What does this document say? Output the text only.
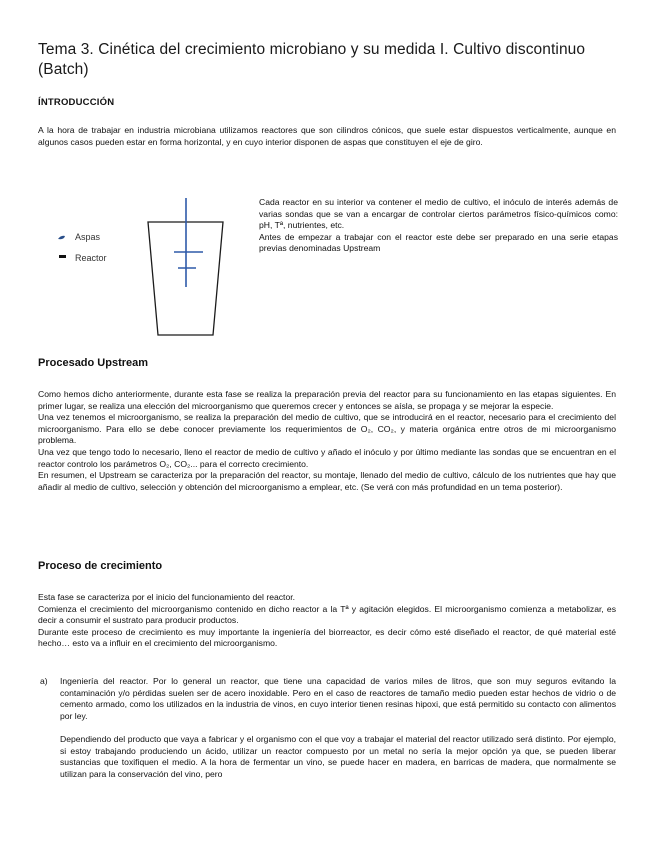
Tema 3. Cinética del crecimiento microbiano y su medida I. Cultivo discontinuo (Batch)
ÍNTRODUCCIÓN

A la hora de trabajar en industria microbiana utilizamos reactores que son cilindros cónicos, que suele estar dispuestos verticalmente, aunque en algunos casos pueden estar en forma horizontal, y en cuyo interior disponen de aspas que constituyen el eje de giro.

Aspas
Reactor

Cada reactor en su interior va contener el medio de cultivo, el inóculo de interés además de varias sondas que se van a encargar de controlar ciertos parámetros físico-químicos como: pH, Tª, nutrientes, etc.

Antes de empezar a trabajar con el reactor este debe ser preparado en una serie etapas previas denominadas Upstream

Procesado Upstream

Como hemos dicho anteriormente, durante esta fase se realiza la preparación previa del reactor para su funcionamiento en las etapas siguientes. En primer lugar, se realiza una elección del microorganismo que queremos crecer y entonces se aísla, se propaga y se mejorar la especie.

Una vez tenemos el microorganismo, se realiza la preparación del medio de cultivo, que se introducirá en el reactor, necesario para el crecimiento del microorganismo. Para ello se debe conocer previamente los requerimientos de O₂, CO₂, y materia orgánica entre otros de mi microorganismo problema.

Una vez que tengo todo lo necesario, lleno el reactor de medio de cultivo y añado el inóculo y por último mediante las sondas que se encuentran en el reactor controlo los parámetros O₂, CO₂... para el correcto crecimiento.

En resumen, el Upstream se caracteriza por la preparación del reactor, su montaje, llenado del medio de cultivo, cálculo de los nutrientes que hay que añadir al medio de cultivo, selección y obtención del microorganismo a emplear, etc. (Se verá con más profundidad en un tema posterior).

Proceso de crecimiento

Esta fase se caracteriza por el inicio del funcionamiento del reactor.

Comienza el crecimiento del microorganismo contenido en dicho reactor a la Tª y agitación elegidos. El microorganismo comienza a metabolizar, es decir a consumir el sustrato para producir productos.

Durante este proceso de crecimiento es muy importante la ingeniería del biorreactor, es decir cómo esté diseñado el reactor, de qué material esté hecho… esto va a influir en el crecimiento del microorganismo.

a) Ingeniería del reactor. Por lo general un reactor, que tiene una capacidad de varios miles de litros, que son muy seguros evitando la contaminación y/o pérdidas suelen ser de acero inoxidable. Pero en el caso de reactores de tamaño medio pueden estar hechos de vidrio o de cemento armado, como los utilizados en la industria de vinos, en cuyo interior tienen resinas hipoxi, que está permitido su contacto con alimentos por ley.

Dependiendo del producto que vaya a fabricar y el organismo con el que voy a trabajar el material del reactor utilizado será distinto. Por ejemplo, si estoy trabajando produciendo un ácido, utilizar un reactor compuesto por un metal no sería la mejor opción ya que, se pueden liberar sustancias que toxifiquen el medio. A la hora de fermentar un vino, se puede hacer en madera, en barricas de madera, que normalmente se utilizan para la conservación del vino, pero
